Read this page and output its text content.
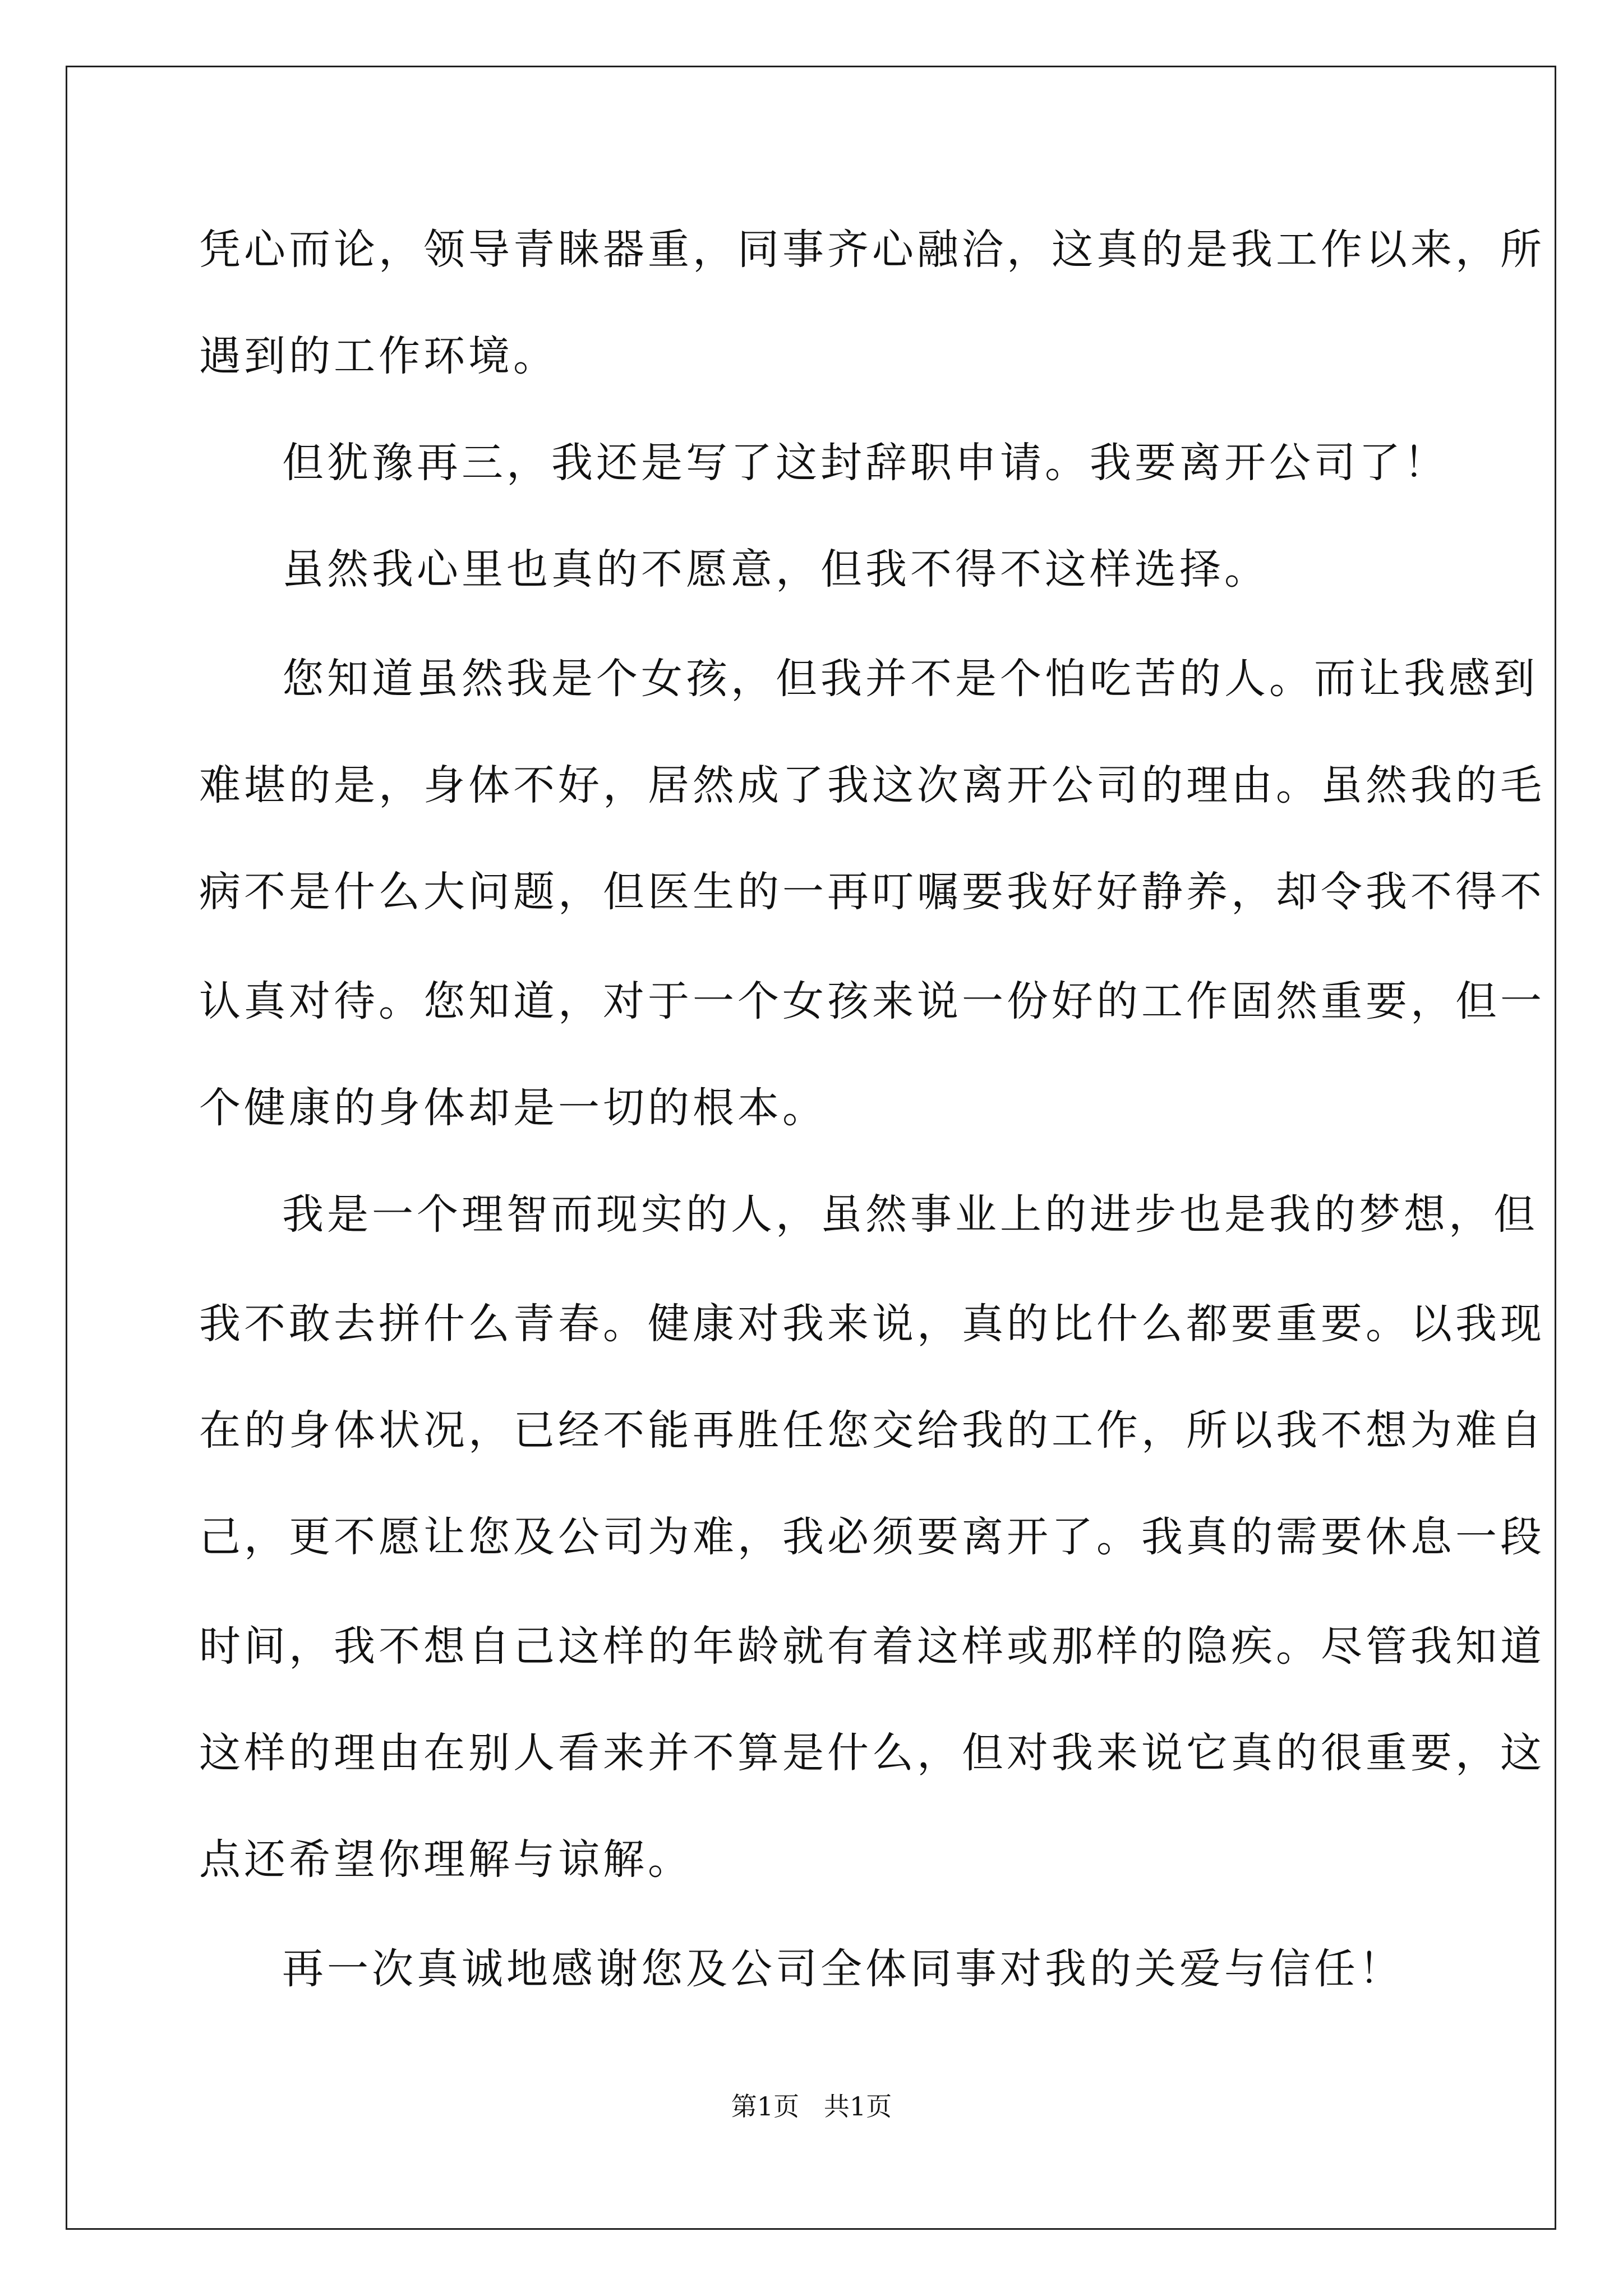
凭心而论，领导青睐器重，同事齐心融洽，这真的是我工作以来，所
遇到的工作环境。
但犹豫再三，我还是写了这封辞职申请。我要离开公司了！
虽然我心里也真的不愿意，但我不得不这样选择。
您知道虽然我是个女孩，但我并不是个怕吃苦的人。而让我感到
难堪的是，身体不好，居然成了我这次离开公司的理由。虽然我的毛
病不是什么大问题，但医生的一再叮嘱要我好好静养，却令我不得不
认真对待。您知道，对于一个女孩来说一份好的工作固然重要，但一
个健康的身体却是一切的根本。
我是一个理智而现实的人，虽然事业上的进步也是我的梦想，但
我不敢去拼什么青春。健康对我来说，真的比什么都要重要。以我现
在的身体状况，已经不能再胜任您交给我的工作，所以我不想为难自
己，更不愿让您及公司为难，我必须要离开了。我真的需要休息一段
时间，我不想自己这样的年龄就有着这样或那样的隐疾。尽管我知道
这样的理由在别人看来并不算是什么，但对我来说它真的很重要，这
点还希望你理解与谅解。
再一次真诚地感谢您及公司全体同事对我的关爱与信任！
第1页   共1页
